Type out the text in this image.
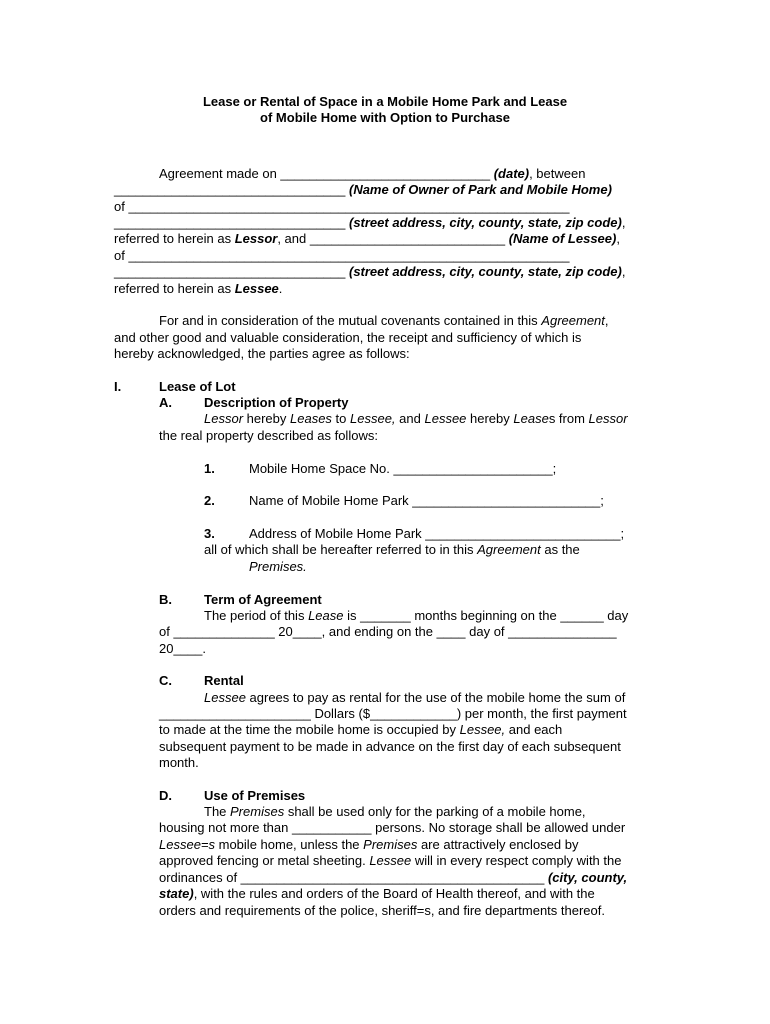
Lease or Rental of Space in a Mobile Home Park and Lease
of Mobile Home with Option to Purchase
Agreement made on _____________________________ (date), between
________________________________ (Name of Owner of Park and Mobile Home)
of _____________________________________________________________
________________________________ (street address, city, county, state, zip code),
referred to herein as Lessor, and ___________________________ (Name of Lessee),
of _____________________________________________________________
________________________________ (street address, city, county, state, zip code),
referred to herein as Lessee.
For and in consideration of the mutual covenants contained in this Agreement,
and other good and valuable consideration, the receipt and sufficiency of which is
hereby acknowledged, the parties agree as follows:
I.	Lease of Lot
A. Description of Property
Lessor hereby Leases to Lessee, and Lessee hereby Leases from Lessor
the real property described as follows:
1.	Mobile Home Space No. ______________________;
2.	Name of Mobile Home Park __________________________;
3.	Address of Mobile Home Park ___________________________;
all of which shall be hereafter referred to in this Agreement as the
Premises.
B. Term of Agreement
The period of this Lease is _______ months beginning on the ______ day
of ______________ 20____, and ending on the ____ day of _______________
20____.
C. Rental
Lessee agrees to pay as rental for the use of the mobile home the sum of
_____________________ Dollars ($____________) per month, the first payment
to made at the time the mobile home is occupied by Lessee, and each
subsequent payment to be made in advance on the first day of each subsequent
month.
D. Use of Premises
The Premises shall be used only for the parking of a mobile home,
housing not more than ___________ persons. No storage shall be allowed under
Lessee=s mobile home, unless the Premises are attractively enclosed by
approved fencing or metal sheeting. Lessee will in every respect comply with the
ordinances of __________________________________________ (city, county,
state), with the rules and orders of the Board of Health thereof, and with the
orders and requirements of the police, sheriff=s, and fire departments thereof.
